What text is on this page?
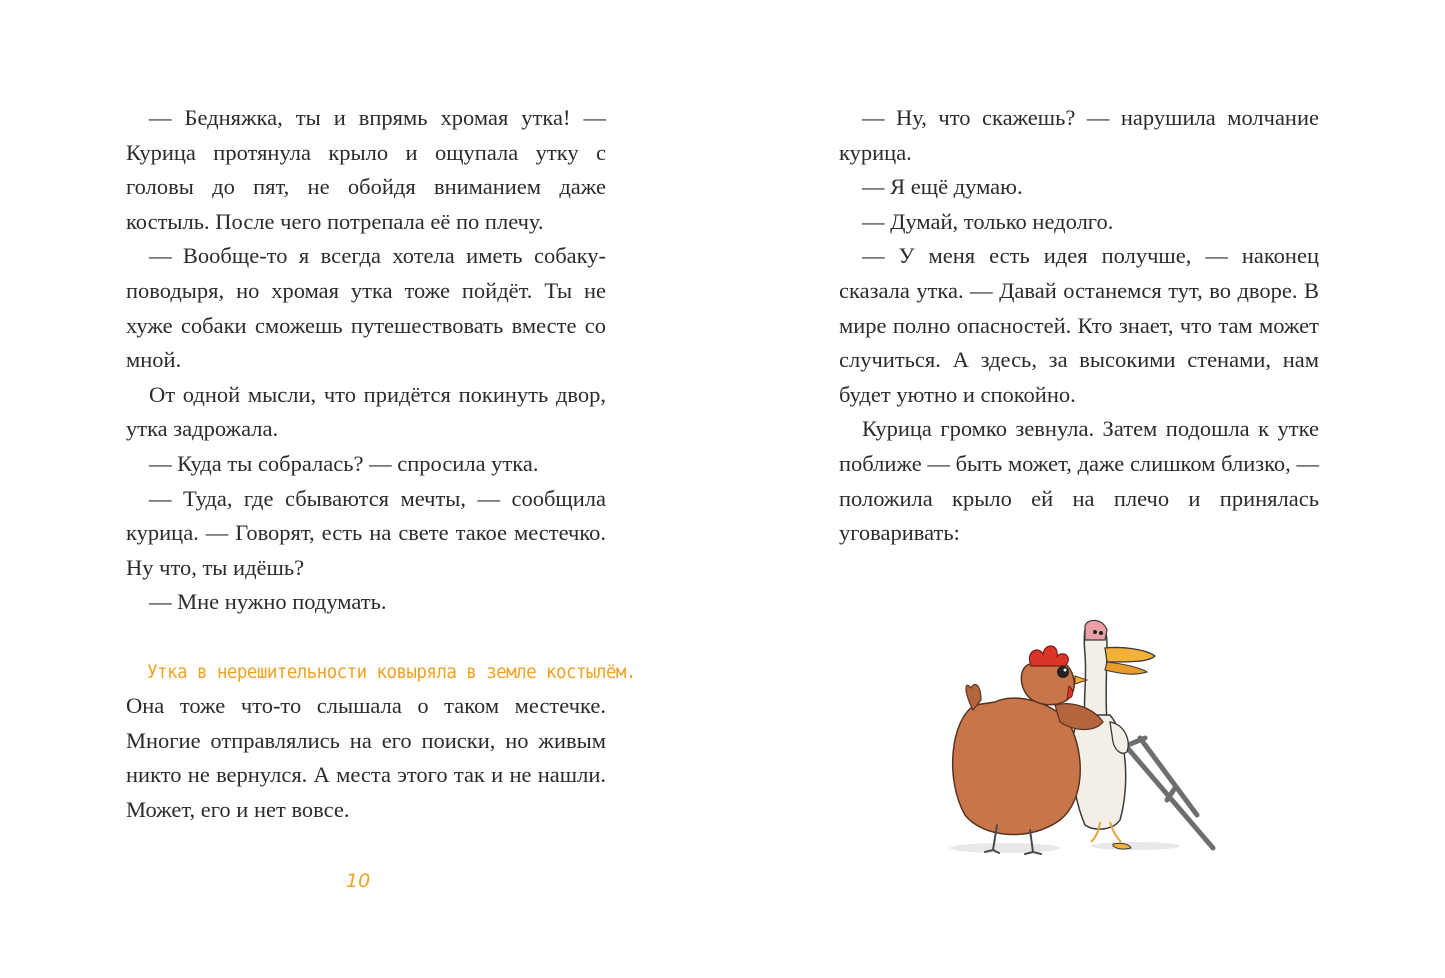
— Бедняжка, ты и впрямь хромая утка! — Курица протянула крыло и ощупала утку с головы до пят, не обойдя вниманием даже костыль. После чего потрепала её по плечу.

— Вообще-то я всегда хотела иметь собаку-поводыря, но хромая утка тоже пойдёт. Ты не хуже собаки сможешь путешествовать вместе со мной.

От одной мысли, что придётся покинуть двор, утка задрожала.

— Куда ты собралась? — спросила утка.

— Туда, где сбываются мечты, — сообщила курица. — Говорят, есть на свете такое местечко. Ну что, ты идёшь?

— Мне нужно подумать.

Утка в нерешительности ковыряла в земле костылём.

Она тоже что-то слышала о таком местечке. Многие отправлялись на его поиски, но живым никто не вернулся. А места этого так и не нашли. Может, его и нет вовсе.

10

— Ну, что скажешь? — нарушила молчание курица.

— Я ещё думаю.

— Думай, только недолго.

— У меня есть идея получше, — наконец сказала утка. — Давай останемся тут, во дворе. В мире полно опасностей. Кто знает, что там может случиться. А здесь, за высокими стенами, нам будет уютно и спокойно.

Курица громко зевнула. Затем подошла к утке поближе — быть может, даже слишком близко, — положила крыло ей на плечо и принялась уговаривать:
